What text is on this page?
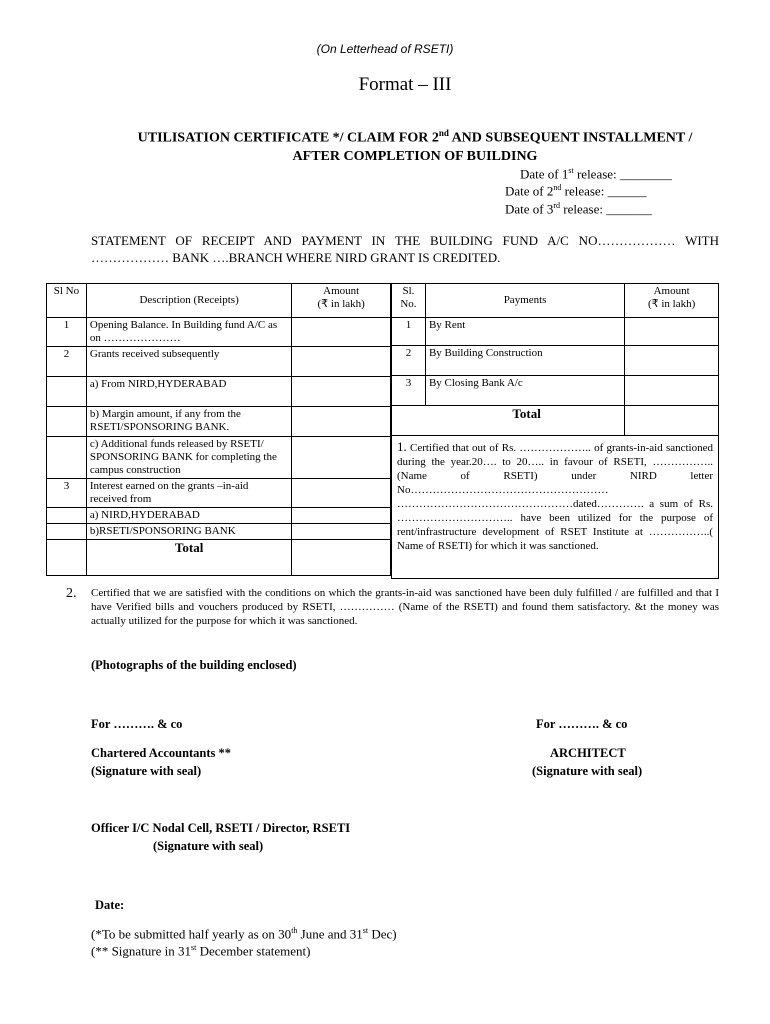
(On Letterhead of RSETI)
Format – III
UTILISATION CERTIFICATE */ CLAIM FOR 2nd AND SUBSEQUENT INSTALLMENT /
AFTER COMPLETION OF BUILDING
Date of 1st release: ________
Date of 2nd release: ______
Date of 3rd release: _______
STATEMENT OF RECEIPT AND PAYMENT IN THE BUILDING FUND A/C NO……………… WITH ……………… BANK ….BRANCH WHERE NIRD GRANT IS CREDITED.
Sl No	Description (Receipts)	Amount
(₹ in lakh)

1	Opening Balance. In Building fund A/C as on …………………	
2	Grants received subsequently	
	a) From NIRD,HYDERABAD	
	b) Margin amount, if any from the RSETI/SPONSORING BANK.	
	c) Additional funds released by RSETI/ SPONSORING BANK for completing the campus construction	
3	Interest earned on the grants –in-aid received from	
	a) NIRD,HYDERABAD	
	b)RSETI/SPONSORING BANK	
	Total	
Sl. No.	Payments	Amount
(₹ in lakh)

1	By Rent	
2	By Building Construction	
3	By Closing Bank A/c	
Total		
1. Certified that out of Rs. ……………….. of grants-in-aid sanctioned during the year.20…. to 20….. in favour of RSETI, ……………..(Name of RSETI) under NIRD letter No……………………………………………… …………………………………………dated…………. a sum of Rs. ………………………….. have been utilized for the purpose of rent/infrastructure development of RSET Institute at ……………..( Name of RSETI) for which it was sanctioned.		
2. Certified that we are satisfied with the conditions on which the grants-in-aid was sanctioned have been duly fulfilled / are fulfilled and that I have Verified bills and vouchers produced by RSETI, …………… (Name of the RSETI) and found them satisfactory. &t the money was actually utilized for the purpose for which it was sanctioned.
(Photographs of the building enclosed)
For ………. & co	For ………. & co
Chartered Accountants **
(Signature with seal)
ARCHITECT
(Signature with seal)
Officer I/C Nodal Cell, RSETI / Director, RSETI
(Signature with seal)
Date:
(*To be submitted half yearly as on 30th June and 31st Dec)
(** Signature in 31st December statement)
